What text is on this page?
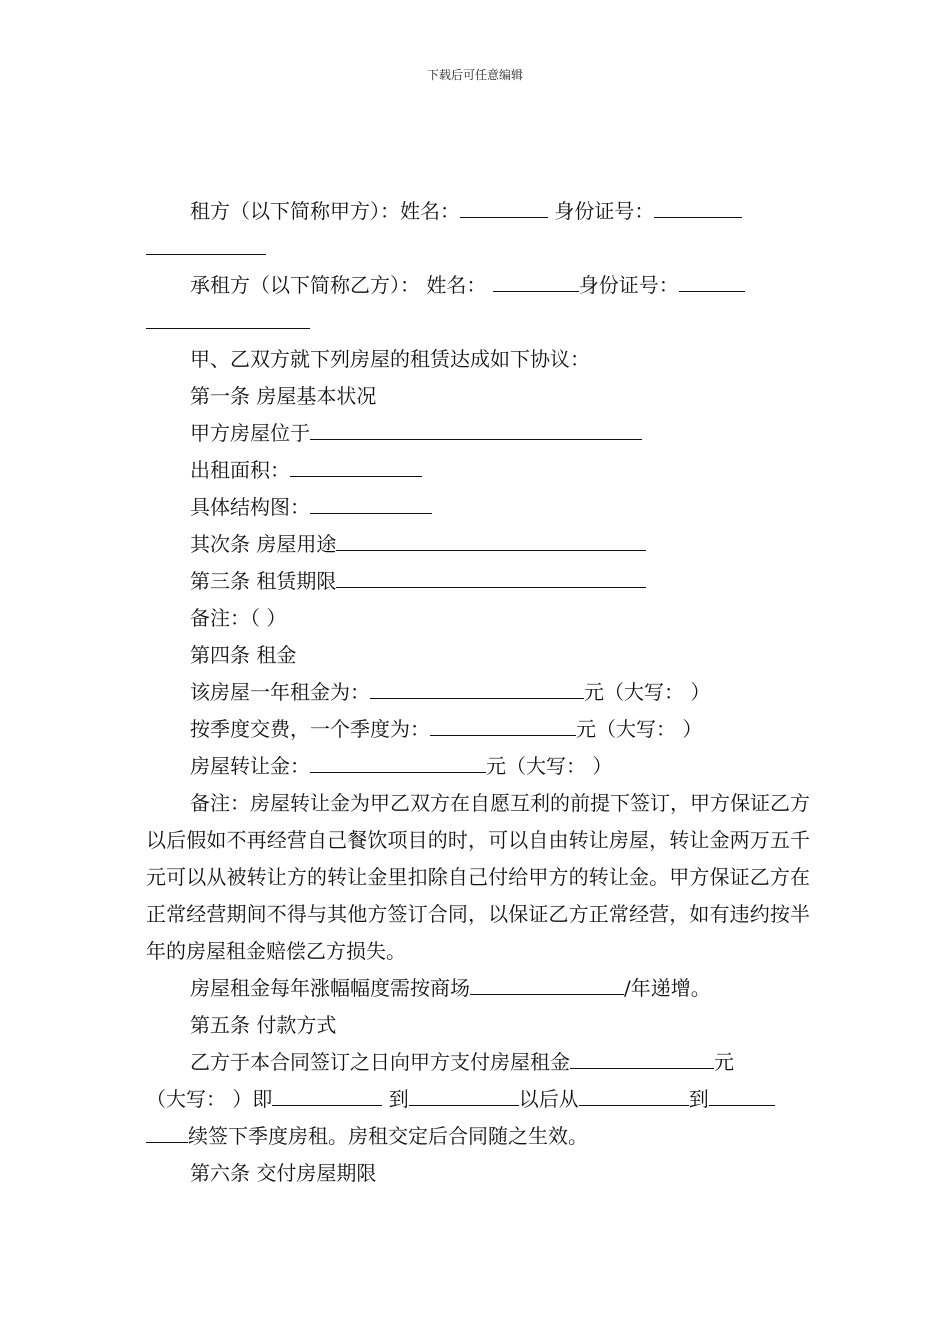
下载后可任意编辑

租方（以下简称甲方）：姓名：	身份证号：

承租方（以下简称乙方）： 姓名：	身份证号：

甲、乙双方就下列房屋的租赁达成如下协议：

第一条 房屋基本状况

甲方房屋位于

出租面积：

具体结构图：

其次条 房屋用途

第三条 租赁期限

备注：（ ）

第四条 租金

该房屋一年租金为：	元（大写： ）

按季度交费，一个季度为：	元（大写： ）

房屋转让金：	元（大写： ）

备注：房屋转让金为甲乙双方在自愿互利的前提下签订，甲方保证乙方以后假如不再经营自己餐饮项目的时，可以自由转让房屋，转让金两万五千元可以从被转让方的转让金里扣除自己付给甲方的转让金。甲方保证乙方在正常经营期间不得与其他方签订合同，以保证乙方正常经营，如有违约按半年的房屋租金赔偿乙方损失。

房屋租金每年涨幅幅度需按商场	/年递增。

第五条 付款方式

乙方于本合同签订之日向甲方支付房屋租金	元

（大写： ）即	到	以后从	到

续签下季度房租。房租交定后合同随之生效。

第六条 交付房屋期限
